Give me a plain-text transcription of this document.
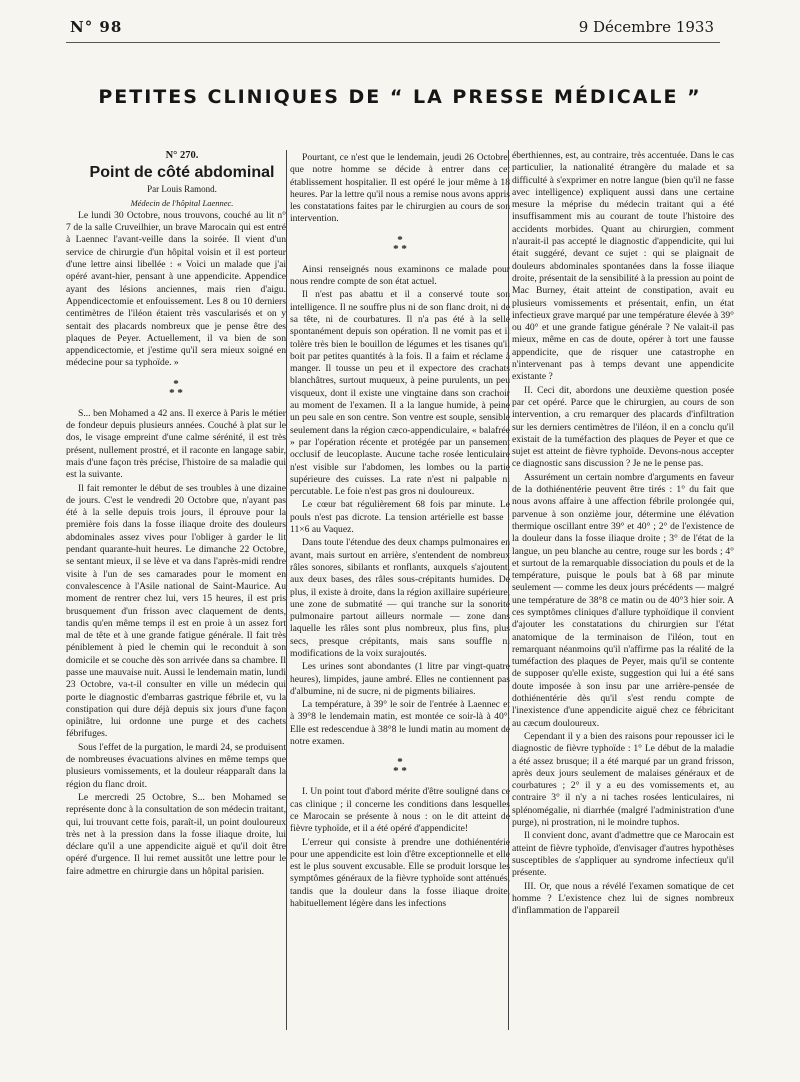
N° 98	9 Décembre 1933
PETITES CLINIQUES DE “ LA PRESSE MÉDICALE ”

N° 270.

Point de côté abdominal

Par Louis Ramond.

Médecin de l'hôpital Laennec.

Le lundi 30 Octobre, nous trouvons, couché au lit n° 7 de la salle Cruveilhier, un brave Marocain qui est entré à Laennec l'avant-veille dans la soirée. Il vient d'un service de chirurgie d'un hôpital voisin et il est porteur d'une lettre ainsi libellée : « Voici un malade que j'ai opéré avant-hier, pensant à une appendicite. Appendice ayant des lésions anciennes, mais rien d'aigu. Appendicectomie et enfouissement. Les 8 ou 10 derniers centimètres de l'iléon étaient très vascularisés et on y sentait des placards nombreux que je pense être des plaques de Peyer. Actuellement, il va bien de son appendicectomie, et j'estime qu'il sera mieux soigné en médecine pour sa typhoïde. »

*
* *

S... ben Mohamed a 42 ans. Il exerce à Paris le métier de fondeur depuis plusieurs années. Couché à plat sur le dos, le visage empreint d'une calme sérénité, il est très présent, nullement prostré, et il raconte en langage sabir, mais d'une façon très précise, l'histoire de sa maladie qui est la suivante.

Il fait remonter le début de ses troubles à une dizaine de jours. C'est le vendredi 20 Octobre que, n'ayant pas été à la selle depuis trois jours, il éprouve pour la première fois dans la fosse iliaque droite des douleurs abdominales assez vives pour l'obliger à garder le lit pendant quarante-huit heures. Le dimanche 22 Octobre, se sentant mieux, il se lève et va dans l'après-midi rendre visite à l'un de ses camarades pour le moment en convalescence à l'Asile national de Saint-Maurice. Au moment de rentrer chez lui, vers 15 heures, il est pris brusquement d'un frisson avec claquement de dents, tandis qu'en même temps il est en proie à un assez fort mal de tête et à une grande fatigue générale. Il fait très péniblement à pied le chemin qui le reconduit à son domicile et se couche dès son arrivée dans sa chambre. Il passe une mauvaise nuit. Aussi le lendemain matin, lundi 23 Octobre, va-t-il consulter en ville un médecin qui porte le diagnostic d'embarras gastrique fébrile et, vu la constipation qui dure déjà depuis six jours d'une façon opiniâtre, lui ordonne une purge et des cachets fébrifuges.

Sous l'effet de la purgation, le mardi 24, se produisent de nombreuses évacuations alvines en même temps que plusieurs vomissements, et la douleur réapparaît dans la région du flanc droit.

Le mercredi 25 Octobre, S... ben Mohamed se représente donc à la consultation de son médecin traitant, qui, lui trouvant cette fois, paraît-il, un point douloureux très net à la pression dans la fosse iliaque droite, lui déclare qu'il a une appendicite aiguë et qu'il doit être opéré d'urgence. Il lui remet aussitôt une lettre pour le faire admettre en chirurgie dans un hôpital parisien.

Pourtant, ce n'est que le lendemain, jeudi 26 Octobre, que notre homme se décide à entrer dans cet établissement hospitalier. Il est opéré le jour même à 18 heures. Par la lettre qu'il nous a remise nous avons appris les constatations faites par le chirurgien au cours de son intervention.

*
* *

Ainsi renseignés nous examinons ce malade pour nous rendre compte de son état actuel.

Il n'est pas abattu et il a conservé toute son intelligence. Il ne souffre plus ni de son flanc droit, ni de sa tête, ni de courbatures. Il n'a pas été à la selle spontanément depuis son opération. Il ne vomit pas et il tolère très bien le bouillon de légumes et les tisanes qu'il boit par petites quantités à la fois. Il a faim et réclame à manger. Il tousse un peu et il expectore des crachats blanchâtres, surtout muqueux, à peine purulents, un peu visqueux, dont il existe une vingtaine dans son crachoir au moment de l'examen. Il a la langue humide, à peine un peu sale en son centre. Son ventre est souple, sensible seulement dans la région cæco-appendiculaire, « balafrée » par l'opération récente et protégée par un pansement occlusif de leucoplaste. Aucune tache rosée lenticulaire n'est visible sur l'abdomen, les lombes ou la partie supérieure des cuisses. La rate n'est ni palpable ni percutable. Le foie n'est pas gros ni douloureux.

Le cœur bat régulièrement 68 fois par minute. Le pouls n'est pas dicrote. La tension artérielle est basse : 11×6 au Vaquez.

Dans toute l'étendue des deux champs pulmonaires en avant, mais surtout en arrière, s'entendent de nombreux râles sonores, sibilants et ronflants, auxquels s'ajoutent, aux deux bases, des râles sous-crépitants humides. De plus, il existe à droite, dans la région axillaire supérieure, une zone de submatité — qui tranche sur la sonorité pulmonaire partout ailleurs normale — zone dans laquelle les râles sont plus nombreux, plus fins, plus secs, presque crépitants, mais sans souffle ni modifications de la voix surajoutés.

Les urines sont abondantes (1 litre par vingt-quatre heures), limpides, jaune ambré. Elles ne contiennent pas d'albumine, ni de sucre, ni de pigments biliaires.

La température, à 39° le soir de l'entrée à Laennec et à 39°8 le lendemain matin, est montée ce soir-là à 40°. Elle est redescendue à 38°8 le lundi matin au moment de notre examen.

*
* *

I. Un point tout d'abord mérite d'être souligné dans ce cas clinique ; il concerne les conditions dans lesquelles ce Marocain se présente à nous : on le dit atteint de fièvre typhoïde, et il a été opéré d'appendicite!

L'erreur qui consiste à prendre une dothiénentérie pour une appendicite est loin d'être exceptionnelle et elle est le plus souvent excusable. Elle se produit lorsque les symptômes généraux de la fièvre typhoïde sont atténués, tandis que la douleur dans la fosse iliaque droite, habituellement légère dans les infections

éberthiennes, est, au contraire, très accentuée. Dans le cas particulier, la nationalité étrangère du malade et sa difficulté à s'exprimer en notre langue (bien qu'il ne fasse avec intelligence) expliquent aussi dans une certaine mesure la méprise du médecin traitant qui a été insuffisamment mis au courant de toute l'histoire des accidents morbides. Quant au chirurgien, comment n'aurait-il pas accepté le diagnostic d'appendicite, qui lui était suggéré, devant ce sujet : qui se plaignait de douleurs abdominales spontanées dans la fosse iliaque droite, présentait de la sensibilité à la pression au point de Mac Burney, était atteint de constipation, avait eu plusieurs vomissements et présentait, enfin, un état infectieux grave marqué par une température élevée à 39° ou 40° et une grande fatigue générale ? Ne valait-il pas mieux, même en cas de doute, opérer à tort une fausse appendicite, que de risquer une catastrophe en n'intervenant pas à temps devant une appendicite existante ?

II. Ceci dit, abordons une deuxième question posée par cet opéré. Parce que le chirurgien, au cours de son intervention, a cru remarquer des placards d'infiltration sur les derniers centimètres de l'iléon, il en a conclu qu'il existait de la tuméfaction des plaques de Peyer et que ce sujet est atteint de fièvre typhoïde. Devons-nous accepter ce diagnostic sans discussion ? Je ne le pense pas.

Assurément un certain nombre d'arguments en faveur de la dothiénentérie peuvent être tirés : 1° du fait que nous avons affaire à une affection fébrile prolongée qui, parvenue à son onzième jour, détermine une élévation thermique oscillant entre 39° et 40° ; 2° de l'existence de la douleur dans la fosse iliaque droite ; 3° de l'état de la langue, un peu blanche au centre, rouge sur les bords ; 4° et surtout de la remarquable dissociation du pouls et de la température, puisque le pouls bat à 68 par minute seulement — comme les deux jours précédents — malgré une température de 38°8 ce matin ou de 40°3 hier soir. A ces symptômes cliniques d'allure typhoïdique il convient d'ajouter les constatations du chirurgien sur l'état anatomique de la terminaison de l'iléon, tout en remarquant néanmoins qu'il n'affirme pas la réalité de la tuméfaction des plaques de Peyer, mais qu'il se contente de supposer qu'elle existe, suggestion qui lui a été sans doute imposée à son insu par une arrière-pensée de dothiénentérie dès qu'il s'est rendu compte de l'inexistence d'une appendicite aiguë chez ce fébricitant au cæcum douloureux.

Cependant il y a bien des raisons pour repousser ici le diagnostic de fièvre typhoïde : 1° Le début de la maladie a été assez brusque; il a été marqué par un grand frisson, après deux jours seulement de malaises généraux et de courbatures ; 2° il y a eu des vomissements et, au contraire 3° il n'y a ni taches rosées lenticulaires, ni splénomégalie, ni diarrhée (malgré l'administration d'une purge), ni prostration, ni le moindre tuphos.

Il convient donc, avant d'admettre que ce Marocain est atteint de fièvre typhoïde, d'envisager d'autres hypothèses susceptibles de s'appliquer au syndrome infectieux qu'il présente.

III. Or, que nous a révélé l'examen somatique de cet homme ? L'existence chez lui de signes nombreux d'inflammation de l'appareil
